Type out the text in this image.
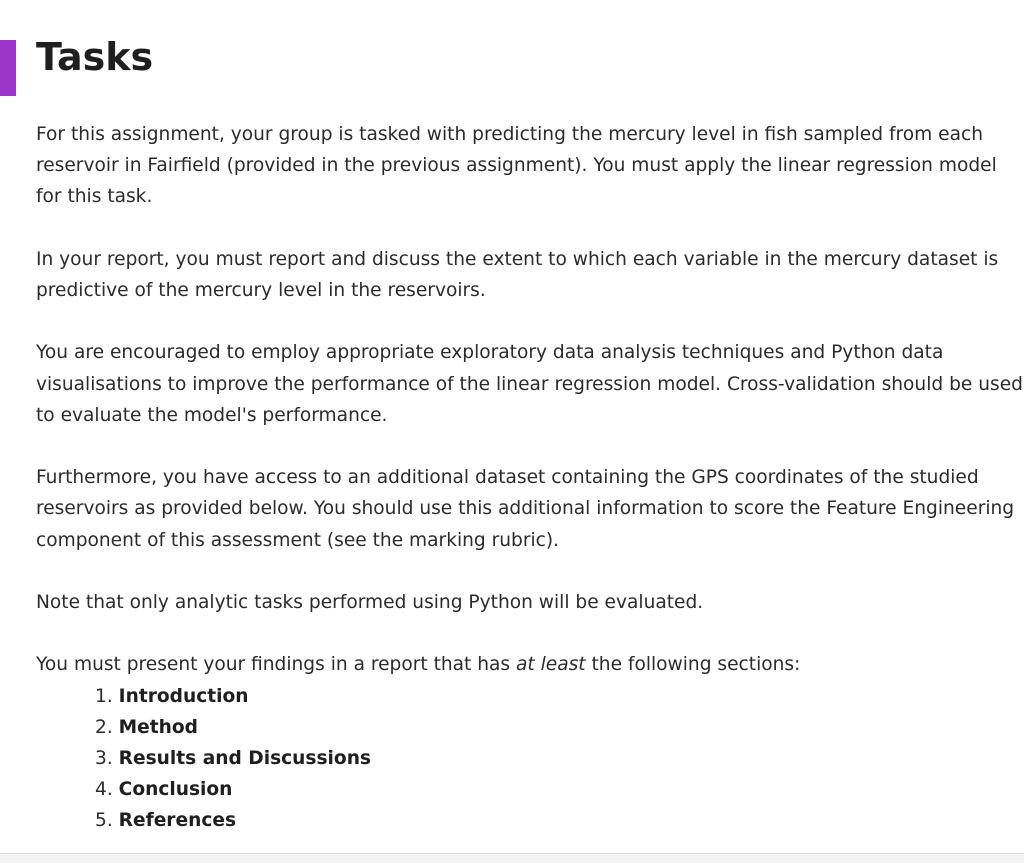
Tasks

For this assignment, your group is tasked with predicting the mercury level in fish sampled from each reservoir in Fairfield (provided in the previous assignment). You must apply the linear regression model for this task.

In your report, you must report and discuss the extent to which each variable in the mercury dataset is predictive of the mercury level in the reservoirs.

You are encouraged to employ appropriate exploratory data analysis techniques and Python data visualisations to improve the performance of the linear regression model. Cross-validation should be used to evaluate the model's performance.

Furthermore, you have access to an additional dataset containing the GPS coordinates of the studied reservoirs as provided below. You should use this additional information to score the Feature Engineering component of this assessment (see the marking rubric).

Note that only analytic tasks performed using Python will be evaluated.

You must present your findings in a report that has at least the following sections:

1. Introduction
2. Method
3. Results and Discussions
4. Conclusion
5. References
